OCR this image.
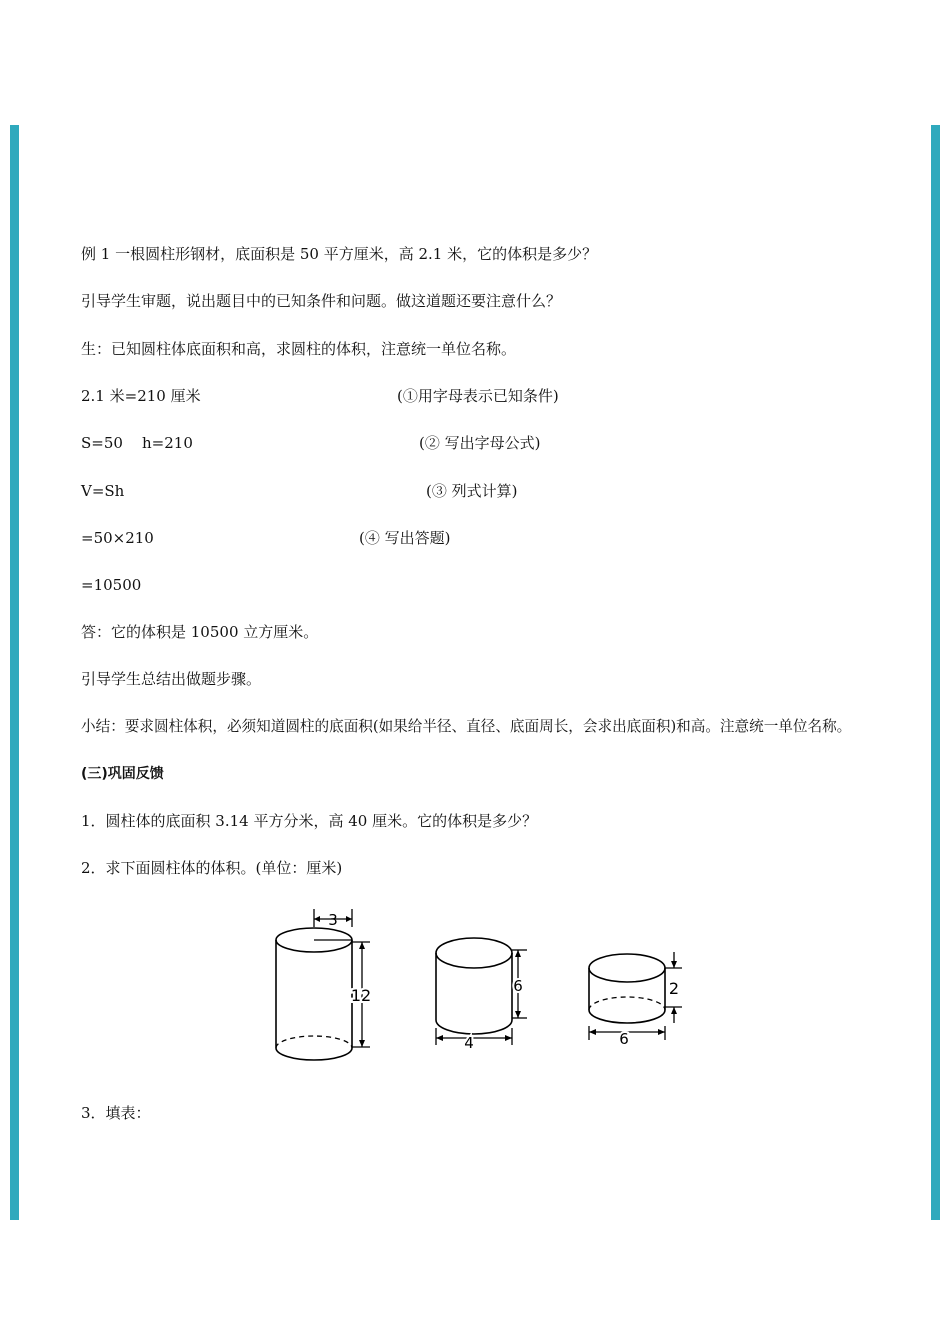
例 1 一根圆柱形钢材，底面积是 50 平方厘米，高 2.1 米，它的体积是多少？
引导学生审题，说出题目中的已知条件和问题。做这道题还要注意什么？
生：已知圆柱体底面积和高，求圆柱的体积，注意统一单位名称。
2.1 米=210 厘米	(①用字母表示已知条件)
S=50    h=210	(② 写出字母公式)
V=Sh	(③ 列式计算)
=50×210	(④ 写出答题)
=10500
答：它的体积是 10500 立方厘米。
引导学生总结出做题步骤。
小结：要求圆柱体积，必须知道圆柱的底面积(如果给半径、直径、底面周长，会求出底面积)和高。注意统一单位名称。
(三)巩固反馈
1．圆柱体的底面积 3.14 平方分米，高 40 厘米。它的体积是多少？
2．求下面圆柱体的体积。(单位：厘米)
3
12	6
4
2
6
3．填表：
